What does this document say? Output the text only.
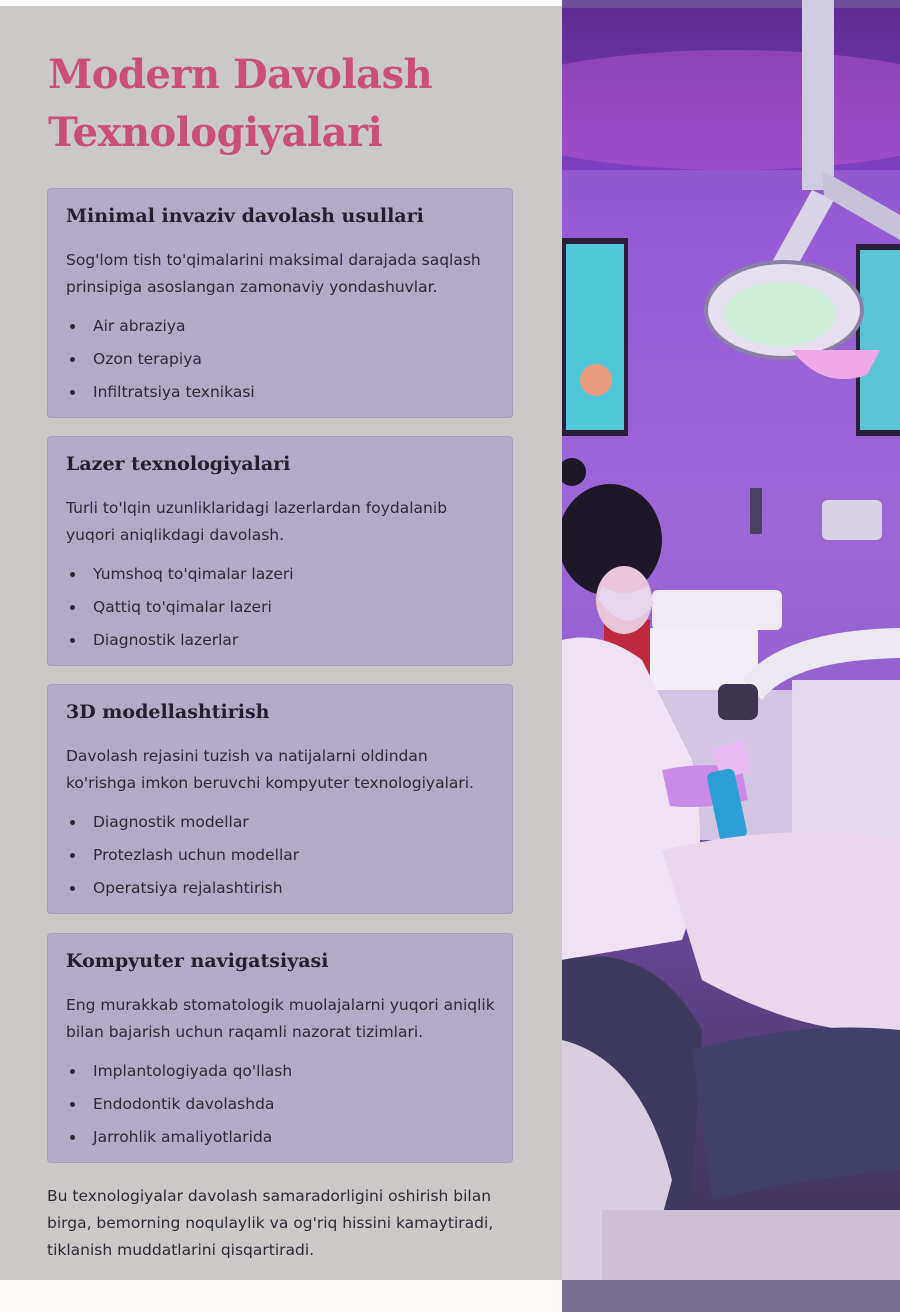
Modern Davolash Texnologiyalari
Minimal invaziv davolash usullari

Sog'lom tish to'qimalarini maksimal darajada saqlash prinsipiga asoslangan zamonaviy yondashuvlar.

Air abraziya
Ozon terapiya
Infiltratsiya texnikasi
Lazer texnologiyalari

Turli to'lqin uzunliklaridagi lazerlardan foydalanib yuqori aniqlikdagi davolash.

Yumshoq to'qimalar lazeri
Qattiq to'qimalar lazeri
Diagnostik lazerlar
3D modellashtirish

Davolash rejasini tuzish va natijalarni oldindan ko'rishga imkon beruvchi kompyuter texnologiyalari.

Diagnostik modellar
Protezlash uchun modellar
Operatsiya rejalashtirish
Kompyuter navigatsiyasi

Eng murakkab stomatologik muolajalarni yuqori aniqlik bilan bajarish uchun raqamli nazorat tizimlari.

Implantologiyada qo'llash
Endodontik davolashda
Jarrohlik amaliyotlarida

Bu texnologiyalar davolash samaradorligini oshirish bilan birga, bemorning noqulaylik va og'riq hissini kamaytiradi, tiklanish muddatlarini qisqartiradi.
